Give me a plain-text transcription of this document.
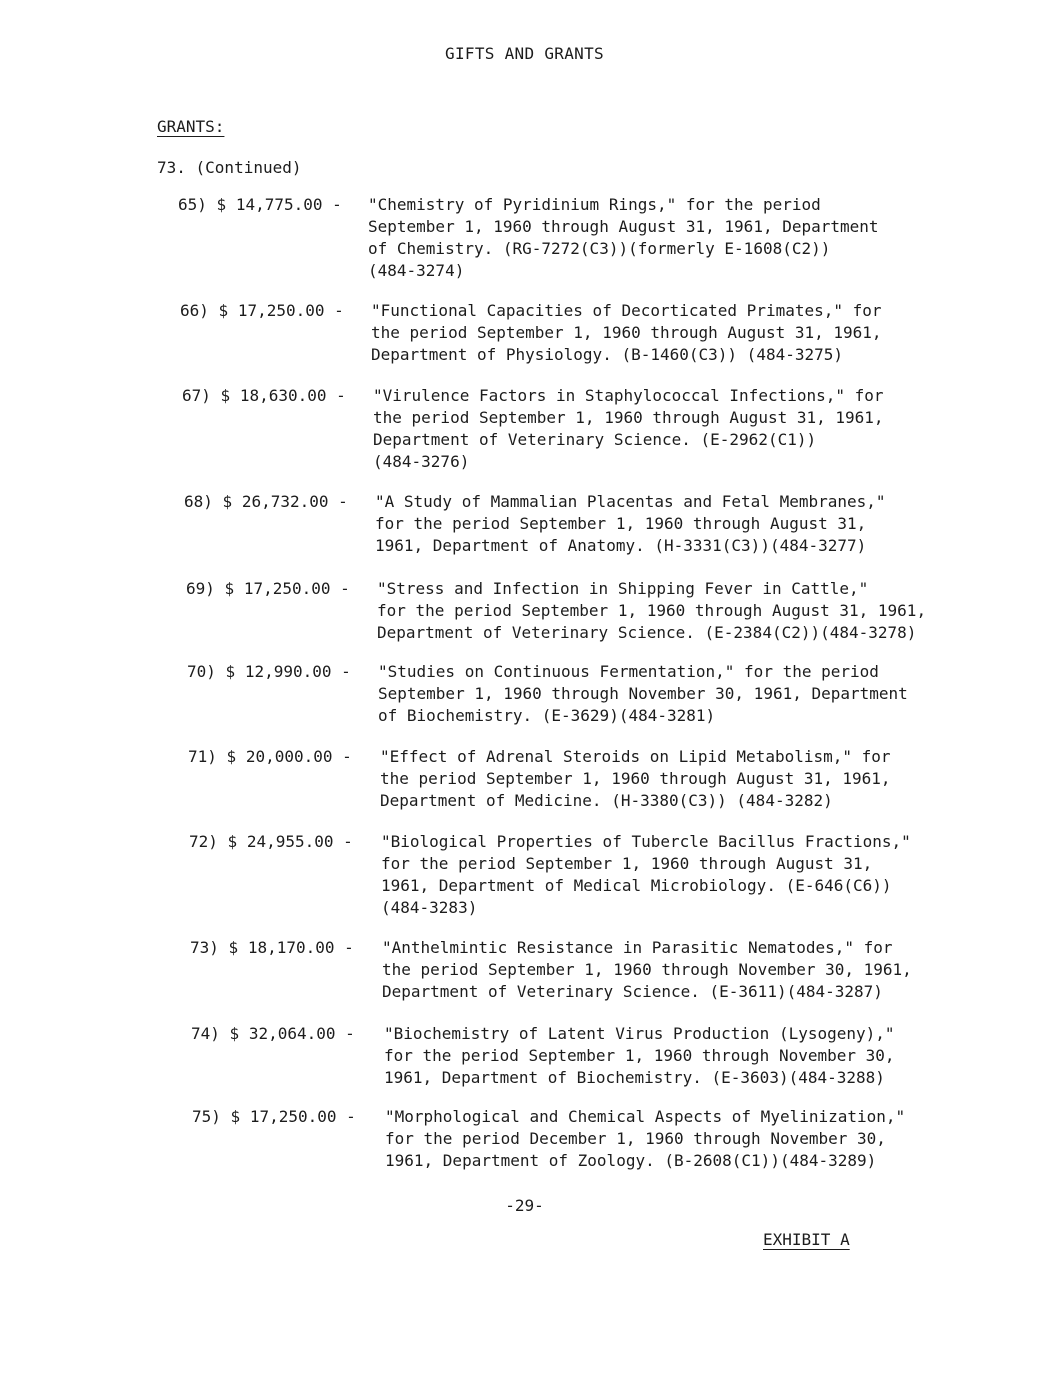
GIFTS AND GRANTS
GRANTS:
73. (Continued)
65) $ 14,775.00 -	"Chemistry of Pyridinium Rings," for the period
September 1, 1960 through August 31, 1961, Department
of Chemistry. (RG-7272(C3))(formerly E-1608(C2))
(484-3274)
66) $ 17,250.00 -	"Functional Capacities of Decorticated Primates," for
the period September 1, 1960 through August 31, 1961,
Department of Physiology. (B-1460(C3)) (484-3275)
67) $ 18,630.00 -	"Virulence Factors in Staphylococcal Infections," for
the period September 1, 1960 through August 31, 1961,
Department of Veterinary Science. (E-2962(C1))
(484-3276)
68) $ 26,732.00 -	"A Study of Mammalian Placentas and Fetal Membranes,"
for the period September 1, 1960 through August 31,
1961, Department of Anatomy. (H-3331(C3))(484-3277)
69) $ 17,250.00 -	"Stress and Infection in Shipping Fever in Cattle,"
for the period September 1, 1960 through August 31, 1961,
Department of Veterinary Science. (E-2384(C2))(484-3278)
70) $ 12,990.00 -	"Studies on Continuous Fermentation," for the period
September 1, 1960 through November 30, 1961, Department
of Biochemistry. (E-3629)(484-3281)
71) $ 20,000.00 -	"Effect of Adrenal Steroids on Lipid Metabolism," for
the period September 1, 1960 through August 31, 1961,
Department of Medicine. (H-3380(C3)) (484-3282)
72) $ 24,955.00 -	"Biological Properties of Tubercle Bacillus Fractions,"
for the period September 1, 1960 through August 31,
1961, Department of Medical Microbiology. (E-646(C6))
(484-3283)
73) $ 18,170.00 -	"Anthelmintic Resistance in Parasitic Nematodes," for
the period September 1, 1960 through November 30, 1961,
Department of Veterinary Science. (E-3611)(484-3287)
74) $ 32,064.00 -	"Biochemistry of Latent Virus Production (Lysogeny),"
for the period September 1, 1960 through November 30,
1961, Department of Biochemistry. (E-3603)(484-3288)
75) $ 17,250.00 -	"Morphological and Chemical Aspects of Myelinization,"
for the period December 1, 1960 through November 30,
1961, Department of Zoology. (B-2608(C1))(484-3289)
-29-
EXHIBIT A
